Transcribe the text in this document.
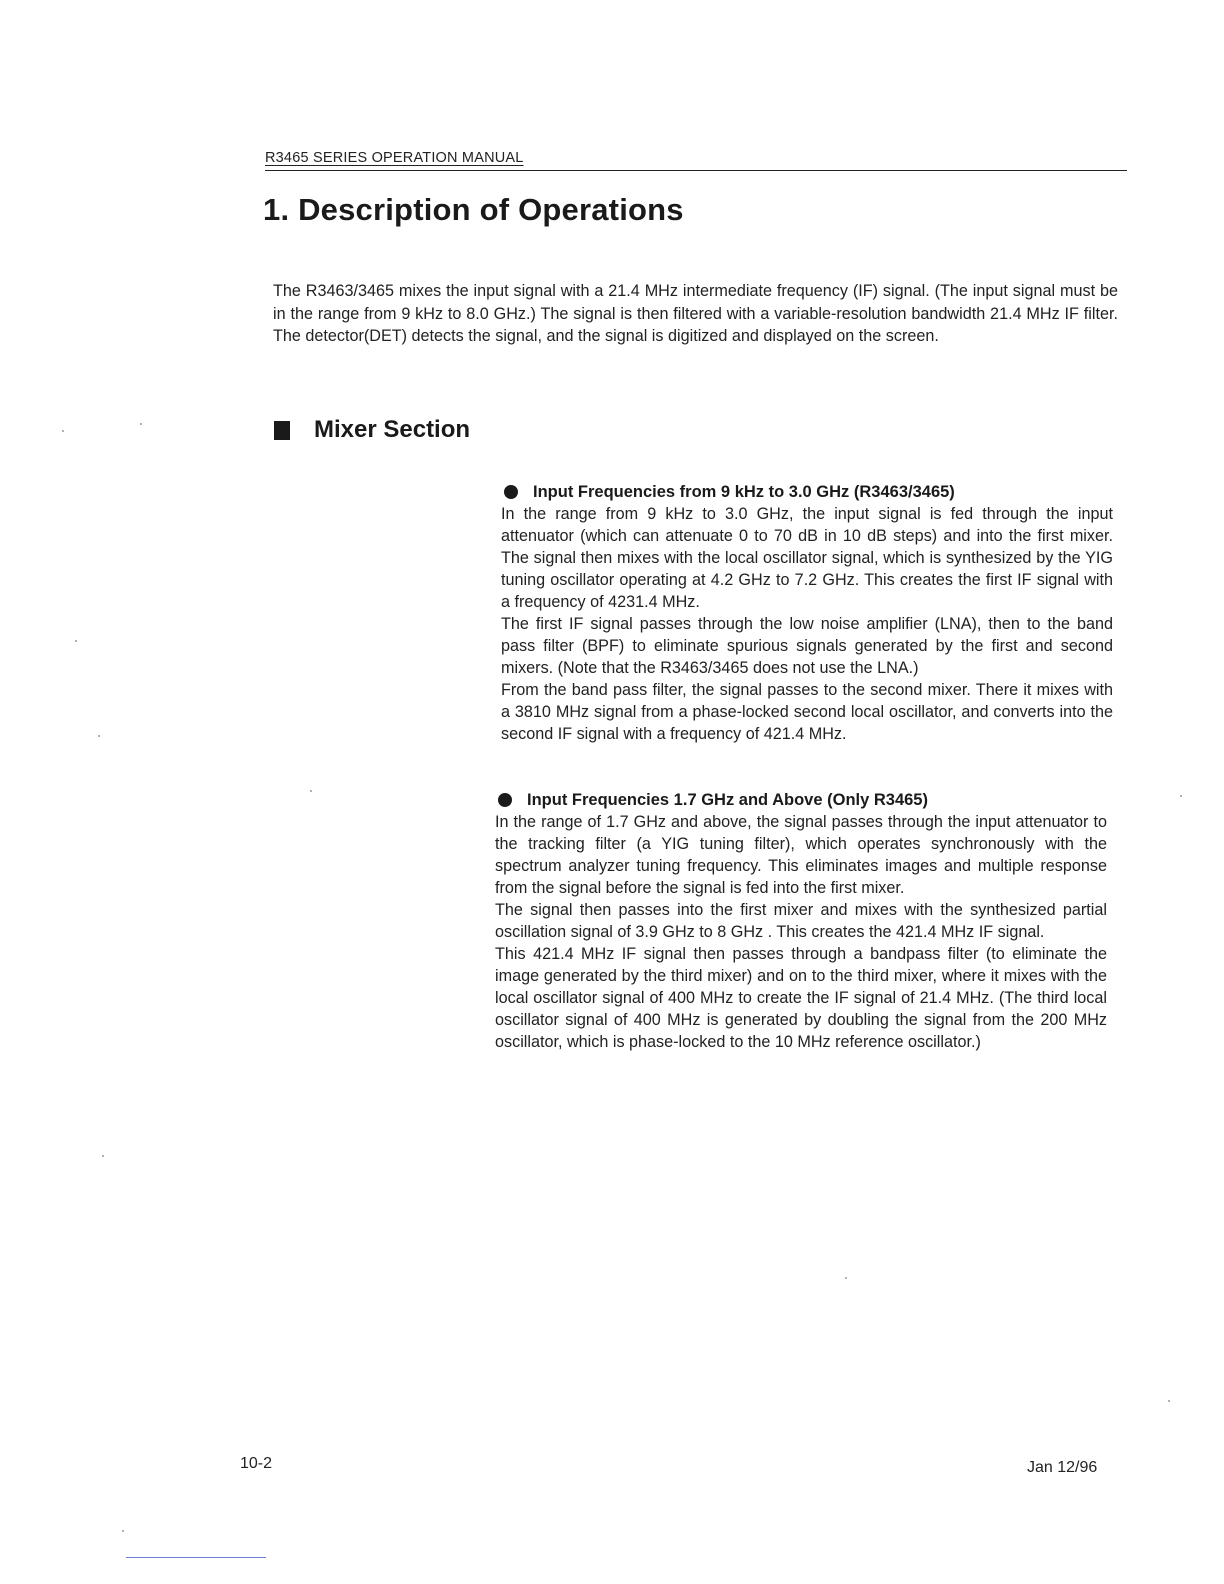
R3465 SERIES OPERATION MANUAL
1. Description of Operations

The R3463/3465 mixes the input signal with a 21.4 MHz intermediate frequency (IF) signal. (The input signal must be in the range from 9 kHz to 8.0 GHz.) The signal is then filtered with a variable-resolution bandwidth 21.4 MHz IF filter. The detector(DET) detects the signal, and the signal is digitized and displayed on the screen.

Mixer Section
Input Frequencies from 9 kHz to 3.0 GHz (R3463/3465)

In the range from 9 kHz to 3.0 GHz, the input signal is fed through the input attenuator (which can attenuate 0 to 70 dB in 10 dB steps) and into the first mixer. The signal then mixes with the local oscillator signal, which is synthesized by the YIG tuning oscillator operating at 4.2 GHz to 7.2 GHz. This creates the first IF signal with a frequency of 4231.4 MHz.

The first IF signal passes through the low noise amplifier (LNA), then to the band pass filter (BPF) to eliminate spurious signals generated by the first and second mixers. (Note that the R3463/3465 does not use the LNA.)

From the band pass filter, the signal passes to the second mixer. There it mixes with a 3810 MHz signal from a phase-locked second local oscillator, and converts into the second IF signal with a frequency of 421.4 MHz.

Input Frequencies 1.7 GHz and Above (Only R3465)

In the range of 1.7 GHz and above, the signal passes through the input attenuator to the tracking filter (a YIG tuning filter), which operates synchronously with the spectrum analyzer tuning frequency. This eliminates images and multiple response from the signal before the signal is fed into the first mixer.

The signal then passes into the first mixer and mixes with the synthesized partial oscillation signal of 3.9 GHz to 8 GHz . This creates the 421.4 MHz IF signal.

This 421.4 MHz IF signal then passes through a bandpass filter (to eliminate the image generated by the third mixer) and on to the third mixer, where it mixes with the local oscillator signal of 400 MHz to create the IF signal of 21.4 MHz. (The third local oscillator signal of 400 MHz is generated by doubling the signal from the 200 MHz oscillator, which is phase-locked to the 10 MHz reference oscillator.)

10-2	Jan 12/96
